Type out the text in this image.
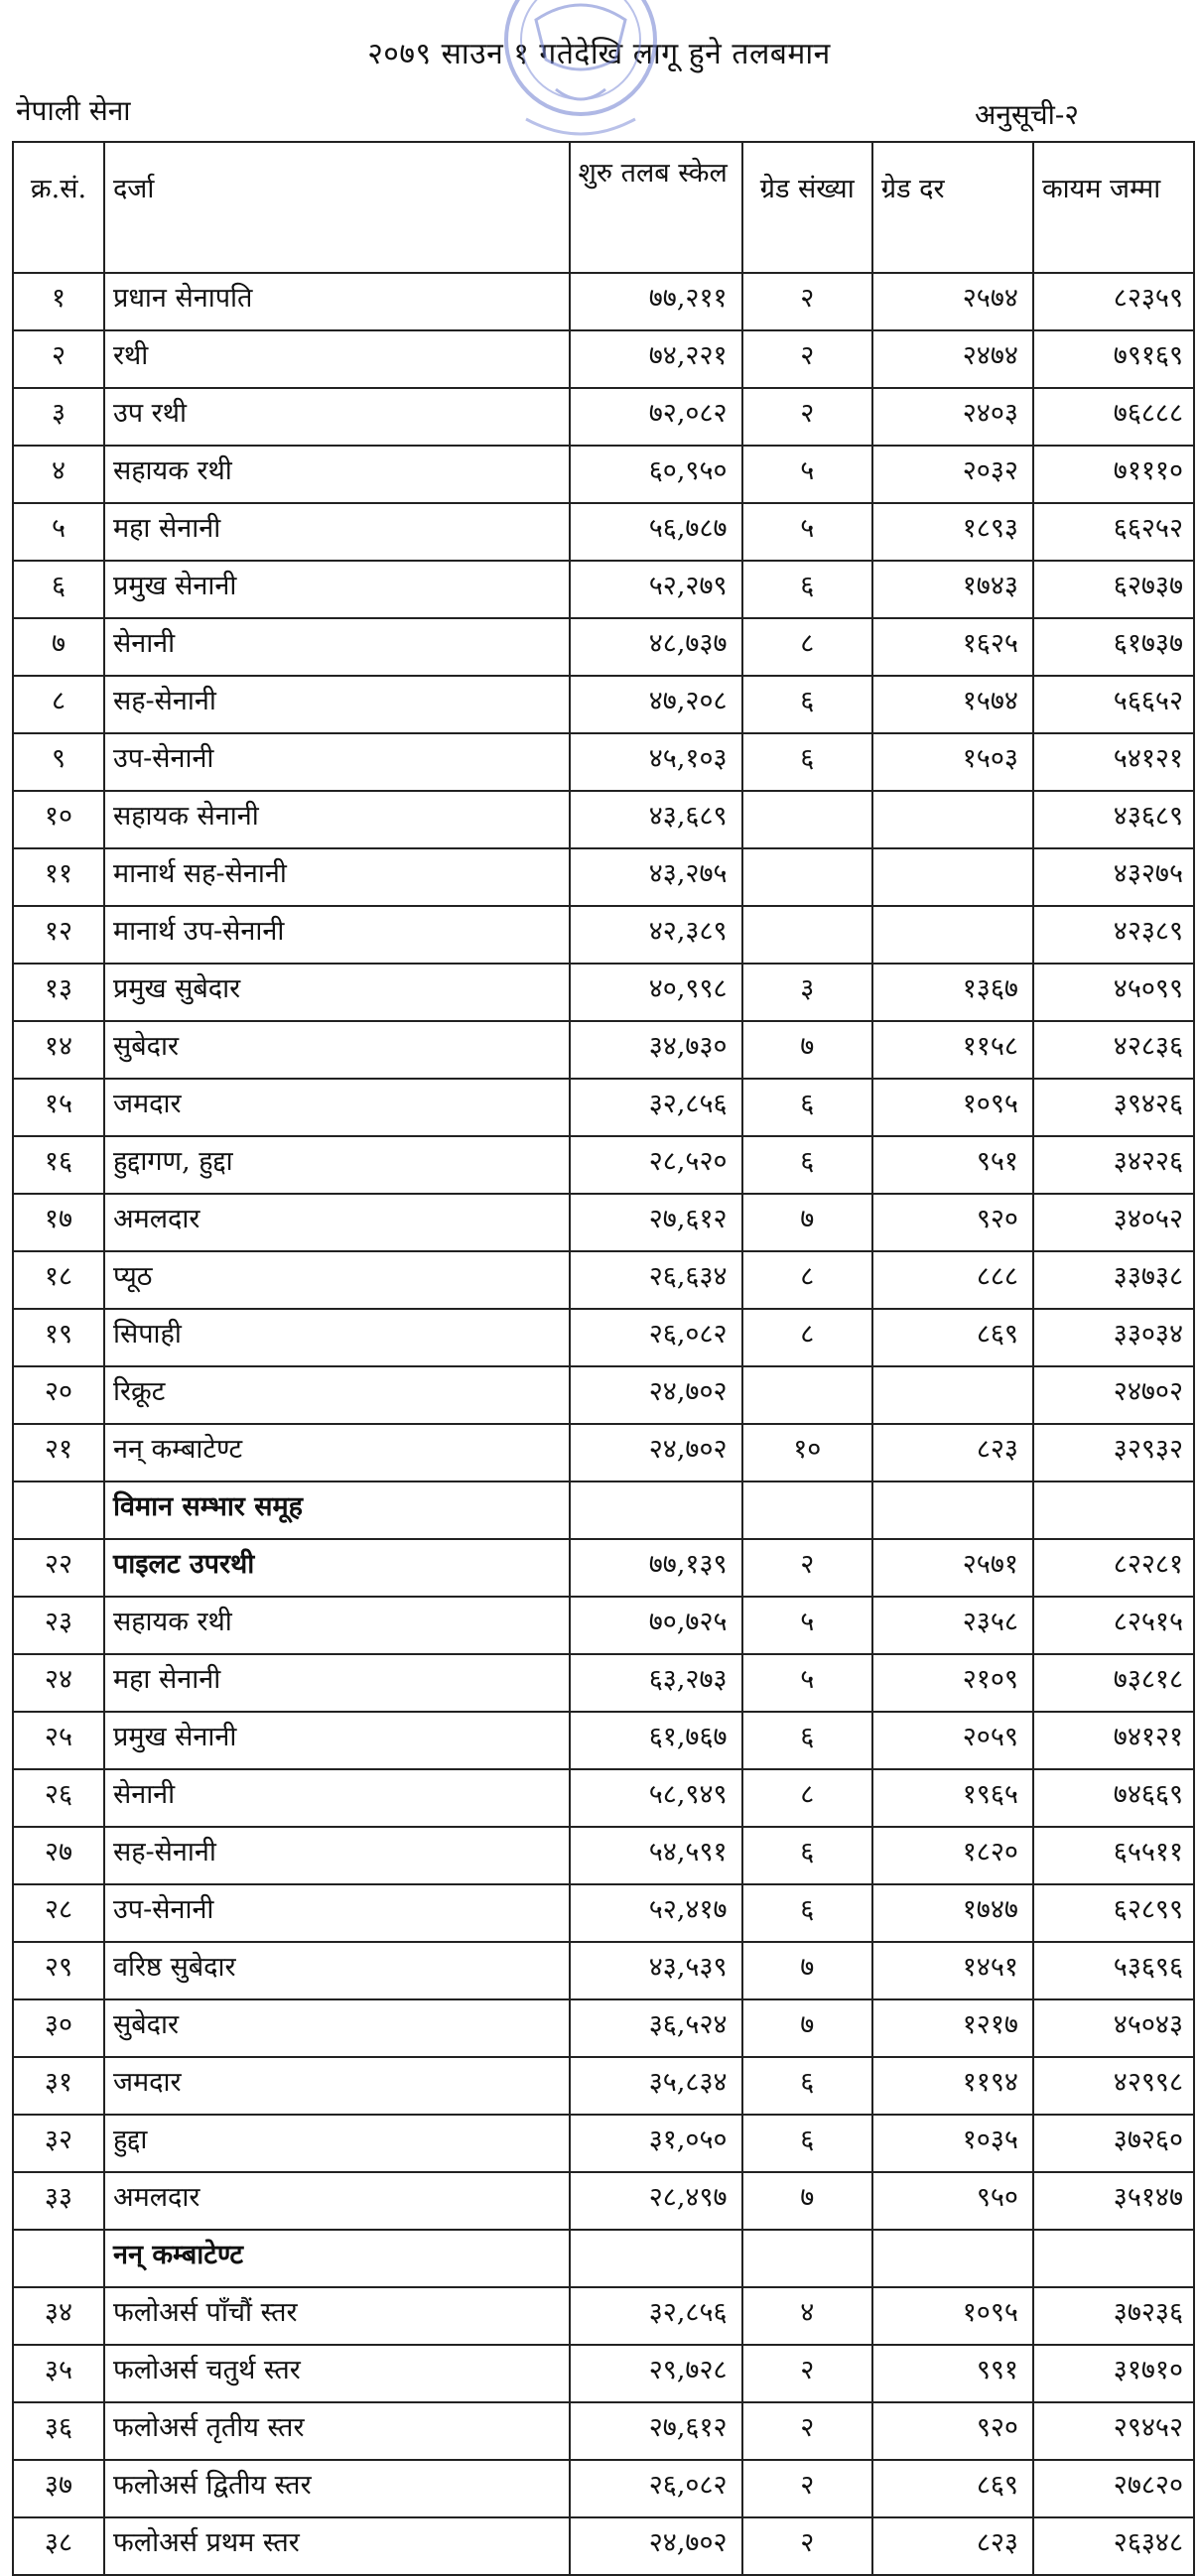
२०७९ साउन १ गतेदेखि लागू हुने तलबमान
नेपाली सेना	अनुसूची-२
क्र.सं.	दर्जा	शुरु तलब स्केल	ग्रेड संख्या	ग्रेड दर	कायम जम्मा
१	प्रधान सेनापति	७७,२११	२	२५७४	८२३५९
२	रथी	७४,२२१	२	२४७४	७९१६९
३	उप रथी	७२,०८२	२	२४०३	७६८८८
४	सहायक रथी	६०,९५०	५	२०३२	७१११०
५	महा सेनानी	५६,७८७	५	१८९३	६६२५२
६	प्रमुख सेनानी	५२,२७९	६	१७४३	६२७३७
७	सेनानी	४८,७३७	८	१६२५	६१७३७
८	सह-सेनानी	४७,२०८	६	१५७४	५६६५२
९	उप-सेनानी	४५,१०३	६	१५०३	५४१२१
१०	सहायक सेनानी	४३,६८९			४३६८९
११	मानार्थ सह-सेनानी	४३,२७५			४३२७५
१२	मानार्थ उप-सेनानी	४२,३८९			४२३८९
१३	प्रमुख सुबेदार	४०,९९८	३	१३६७	४५०९९
१४	सुबेदार	३४,७३०	७	११५८	४२८३६
१५	जमदार	३२,८५६	६	१०९५	३९४२६
१६	हुद्दागण, हुद्दा	२८,५२०	६	९५१	३४२२६
१७	अमलदार	२७,६१२	७	९२०	३४०५२
१८	प्यूठ	२६,६३४	८	८८८	३३७३८
१९	सिपाही	२६,०८२	८	८६९	३३०३४
२०	रिक्रूट	२४,७०२			२४७०२
२१	नन् कम्बाटेण्ट	२४,७०२	१०	८२३	३२९३२
	विमान सम्भार समूह				
२२	पाइलट उपरथी	७७,१३९	२	२५७१	८२२८१
२३	सहायक रथी	७०,७२५	५	२३५८	८२५१५
२४	महा सेनानी	६३,२७३	५	२१०९	७३८१८
२५	प्रमुख सेनानी	६१,७६७	६	२०५९	७४१२१
२६	सेनानी	५८,९४९	८	१९६५	७४६६९
२७	सह-सेनानी	५४,५९१	६	१८२०	६५५११
२८	उप-सेनानी	५२,४१७	६	१७४७	६२८९९
२९	वरिष्ठ सुबेदार	४३,५३९	७	१४५१	५३६९६
३०	सुबेदार	३६,५२४	७	१२१७	४५०४३
३१	जमदार	३५,८३४	६	११९४	४२९९८
३२	हुद्दा	३१,०५०	६	१०३५	३७२६०
३३	अमलदार	२८,४९७	७	९५०	३५१४७
	नन् कम्बाटेण्ट				
३४	फलोअर्स पाँचौं स्तर	३२,८५६	४	१०९५	३७२३६
३५	फलोअर्स चतुर्थ स्तर	२९,७२८	२	९९१	३१७१०
३६	फलोअर्स तृतीय स्तर	२७,६१२	२	९२०	२९४५२
३७	फलोअर्स द्वितीय स्तर	२६,०८२	२	८६९	२७८२०
३८	फलोअर्स प्रथम स्तर	२४,७०२	२	८२३	२६३४८
